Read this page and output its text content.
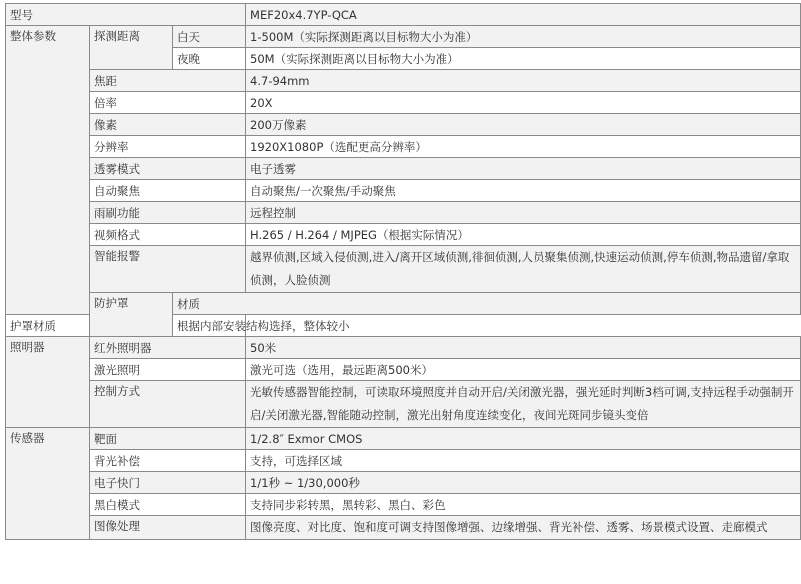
型号			MEF20x4.7YP-QCA	
整体参数	探测距离	白天	1-500M（实际探测距离以目标物大小为准）	
		夜晚	50M（实际探测距离以目标物大小为准）	
	焦距		4.7-94mm	
	倍率		20X	
	像素		200万像素	
	分辨率		1920X1080P（选配更高分辨率）	
	透雾模式		电子透雾	
	自动聚焦		自动聚焦/一次聚焦/手动聚焦	
	雨刷功能		远程控制	
	视频格式		H.265 / H.264 / MJPEG（根据实际情况）	
	智能报警		越界侦测,区域入侵侦测,进入/离开区域侦测,徘徊侦测,人员聚集侦测,快速运动侦测,停车侦测,物品遗留/拿取侦测，人脸侦测	
	防护罩	材质	
护罩材质		根据内部安装结构选择，整体较小		
照明器	红外照明器		50米	
	激光照明		激光可选（选用，最远距离500米）	
	控制方式		光敏传感器智能控制，可读取环境照度并自动开启/关闭激光器，强光延时判断3档可调,支持远程手动强制开启/关闭激光器,智能随动控制，激光出射角度连续变化，夜间光斑同步镜头变倍	
传感器	靶面		1/2.8″ Exmor CMOS	
	背光补偿		支持，可选择区域	
	电子快门		1/1秒 ~ 1/30,000秒	
	黑白模式		支持同步彩转黑，黑转彩、黑白、彩色	
	图像处理		图像亮度、对比度、饱和度可调支持图像增强、边缘增强、背光补偿、透雾、场景模式设置、走廊模式	
